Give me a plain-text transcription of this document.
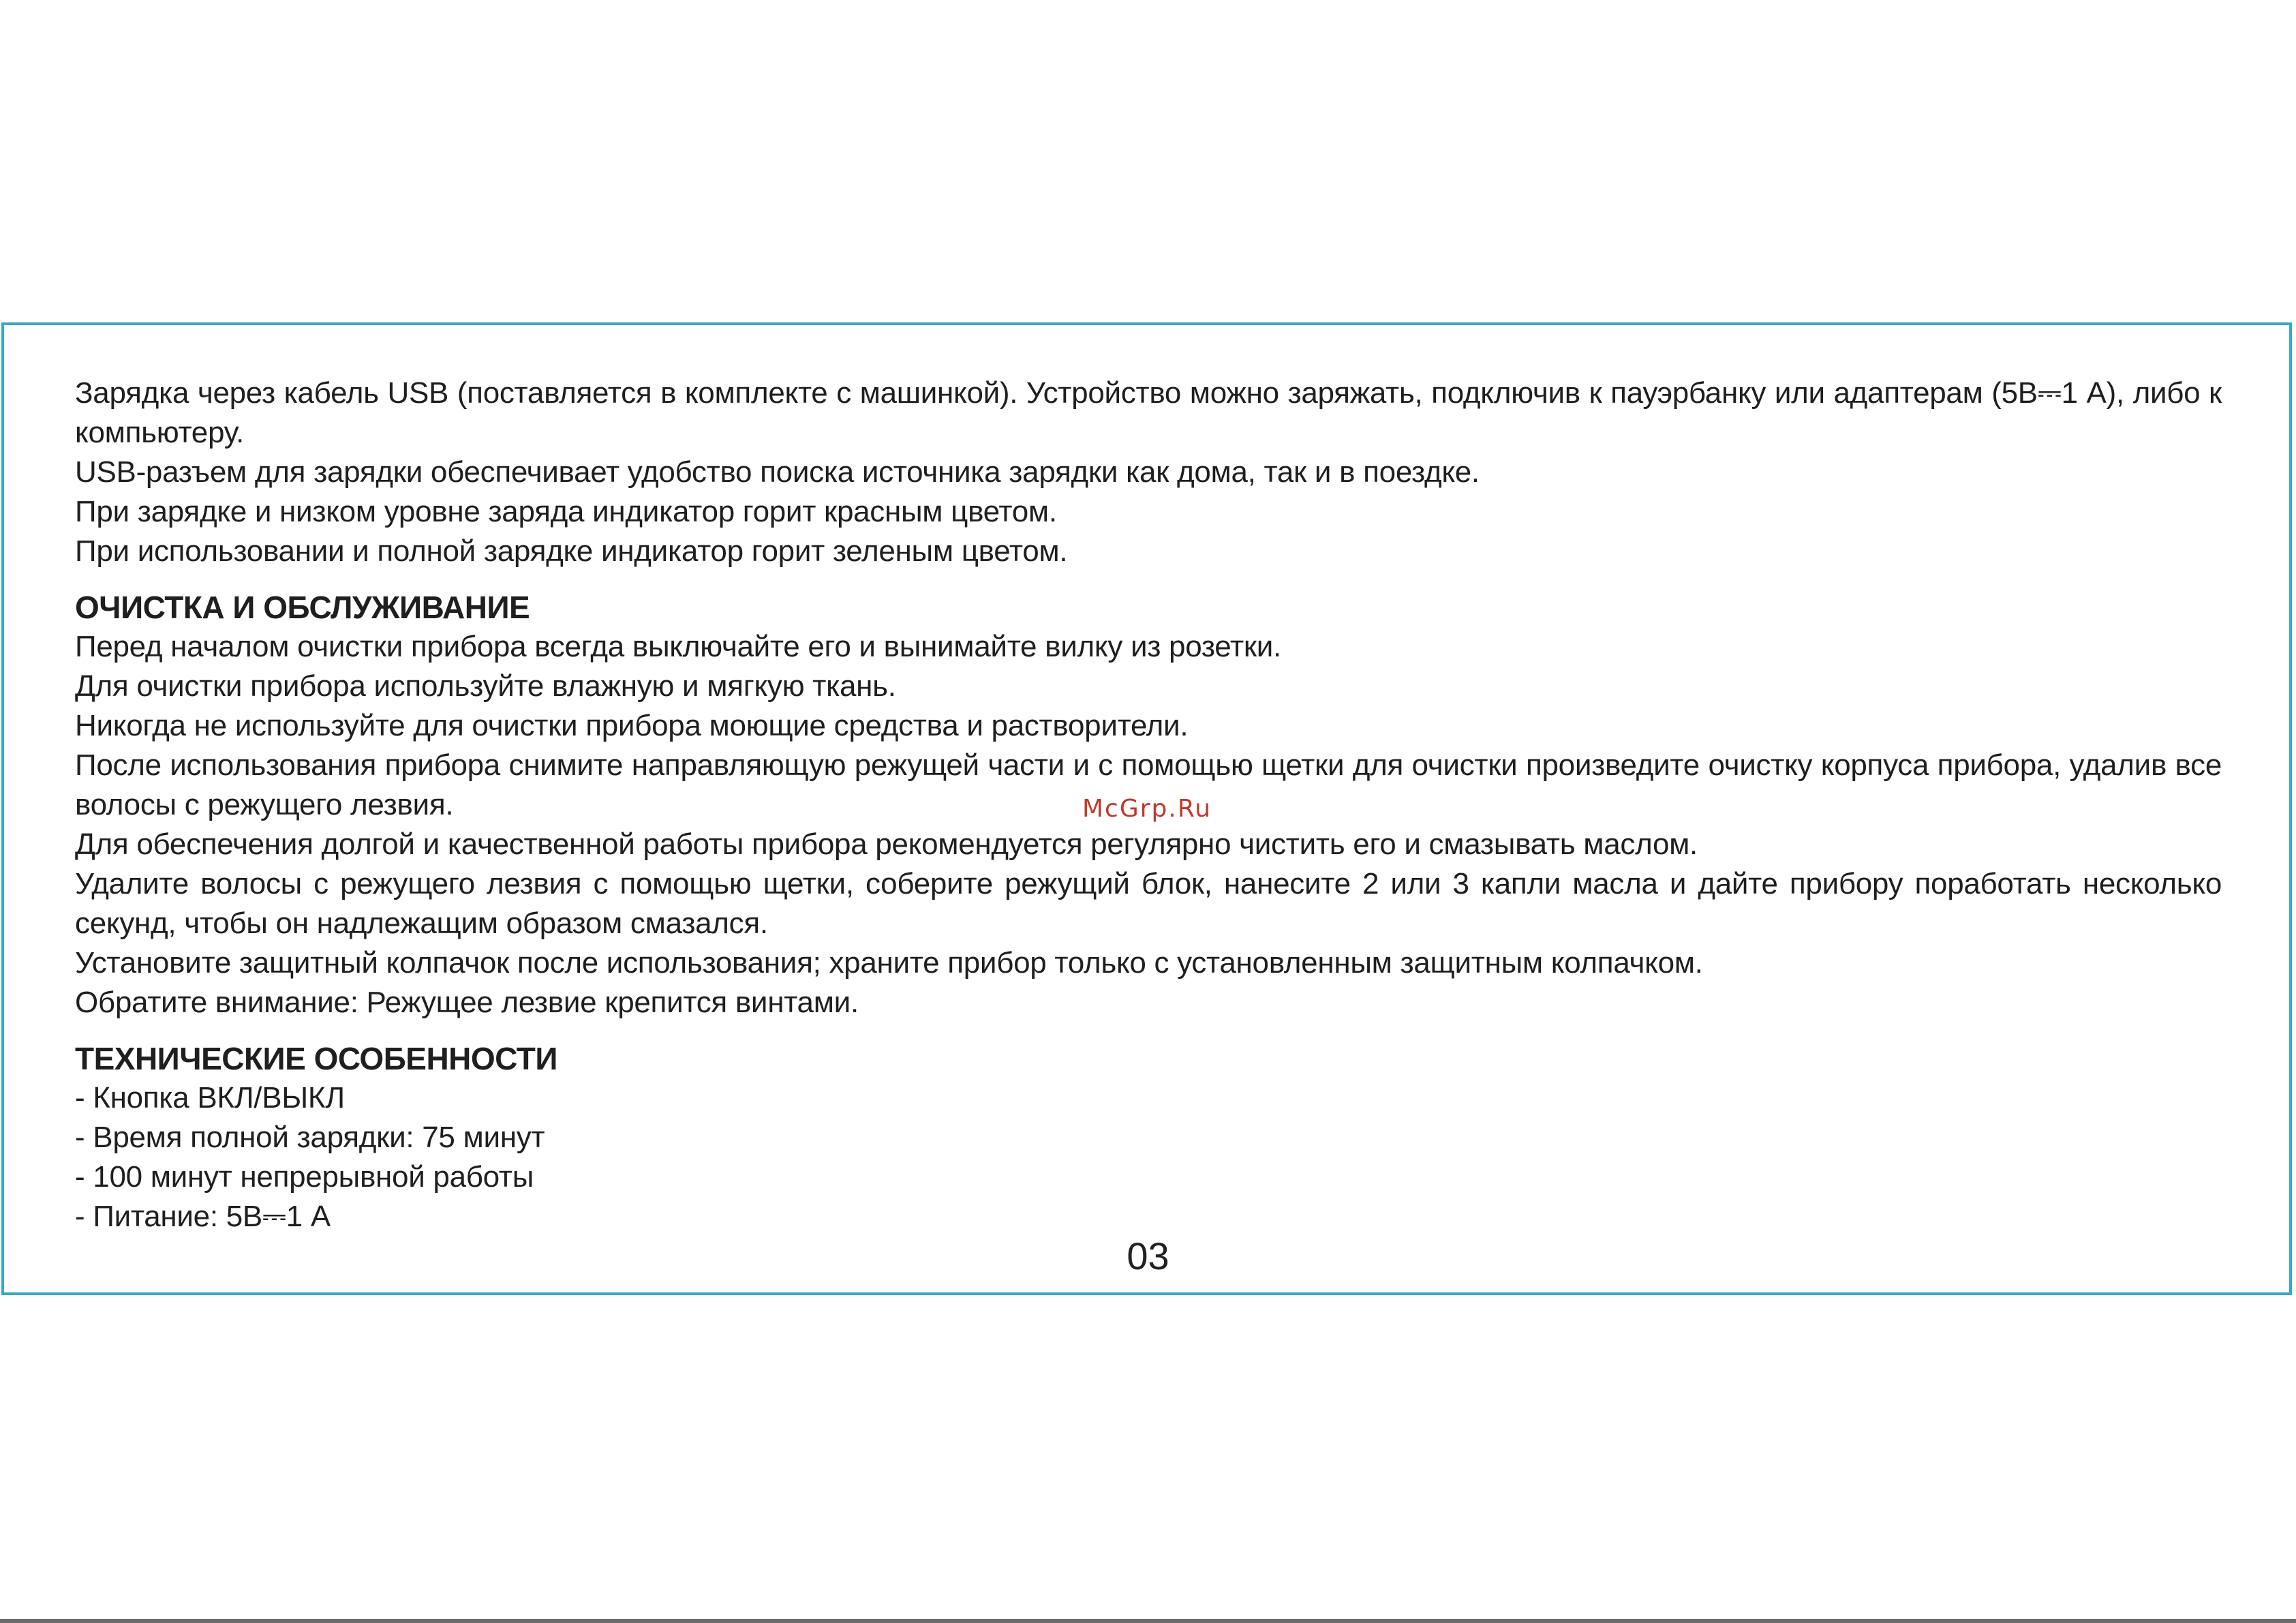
Зарядка через кабель USB (поставляется в комплекте с машинкой). Устройство можно заряжать, подключив к пауэрбанку или адаптерам (5В⎓1 А), либо к компьютеру.

USB-разъем для зарядки обеспечивает удобство поиска источника зарядки как дома, так и в поездке.

При зарядке и низком уровне заряда индикатор горит красным цветом.

При использовании и полной зарядке индикатор горит зеленым цветом.

ОЧИСТКА И ОБСЛУЖИВАНИЕ

Перед началом очистки прибора всегда выключайте его и вынимайте вилку из розетки.

Для очистки прибора используйте влажную и мягкую ткань.

Никогда не используйте для очистки прибора моющие средства и растворители.

После использования прибора снимите направляющую режущей части и с помощью щетки для очистки произведите очистку корпуса прибора, удалив все волосы с режущего лезвия.

Для обеспечения долгой и качественной работы прибора рекомендуется регулярно чистить его и смазывать маслом.

Удалите волосы с режущего лезвия с помощью щетки, соберите режущий блок, нанесите 2 или 3 капли масла и дайте прибору поработать несколько секунд, чтобы он надлежащим образом смазался.

Установите защитный колпачок после использования; храните прибор только с установленным защитным колпачком.

Обратите внимание: Режущее лезвие крепится винтами.

ТЕХНИЧЕСКИЕ ОСОБЕННОСТИ

- Кнопка ВКЛ/ВЫКЛ

- Время полной зарядки: 75 минут

- 100 минут непрерывной работы

- Питание: 5В⎓1 А

McGrp.Ru
03
